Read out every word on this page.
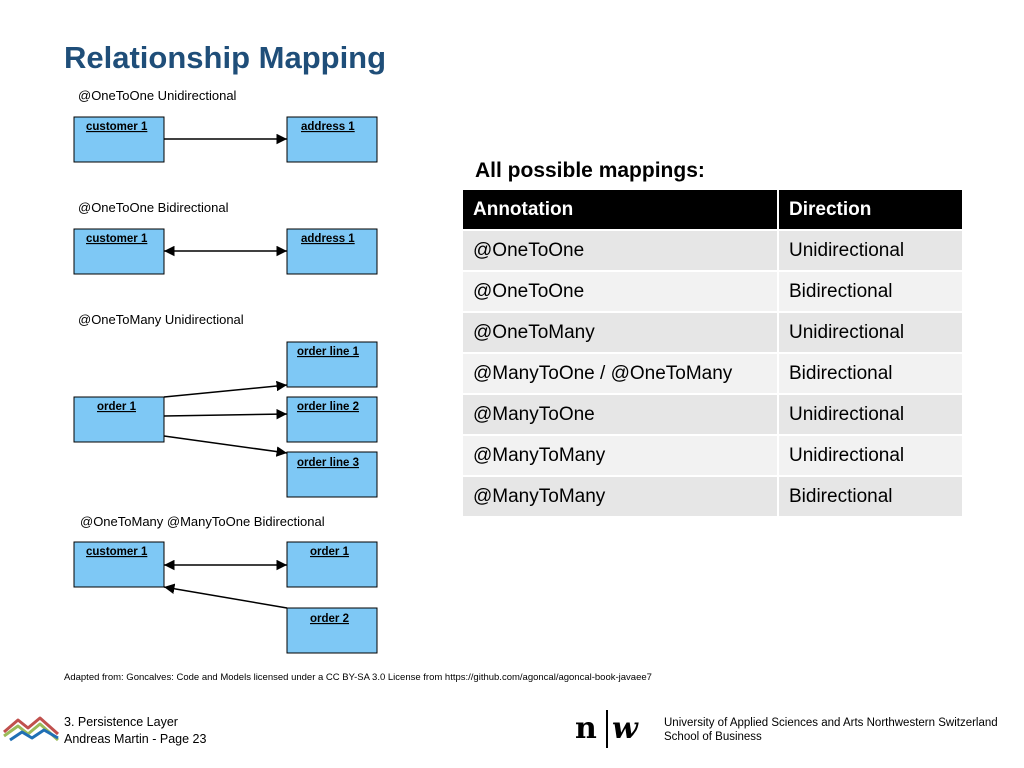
Relationship Mapping
@OneToOne Unidirectional
customer 1	address 1
@OneToOne Bidirectional
customer 1	address 1
@OneToMany Unidirectional
order 1
order line 1
order line 2
order line 3
@OneToMany @ManyToOne Bidirectional
customer 1	order 1
order 2
All possible mappings:
Annotation	Direction
@OneToOne	Unidirectional
@OneToOne	Bidirectional
@OneToMany	Unidirectional
@ManyToOne / @OneToMany	Bidirectional
@ManyToOne	Unidirectional
@ManyToMany	Unidirectional
@ManyToMany	Bidirectional
Adapted from: Goncalves: Code and Models licensed under a CC BY-SA 3.0 License from https://github.com/agoncal/agoncal-book-javaee7
3. Persistence Layer
Andreas Martin - Page 23	n w University of Applied Sciences and Arts Northwestern Switzerland
School of Business
